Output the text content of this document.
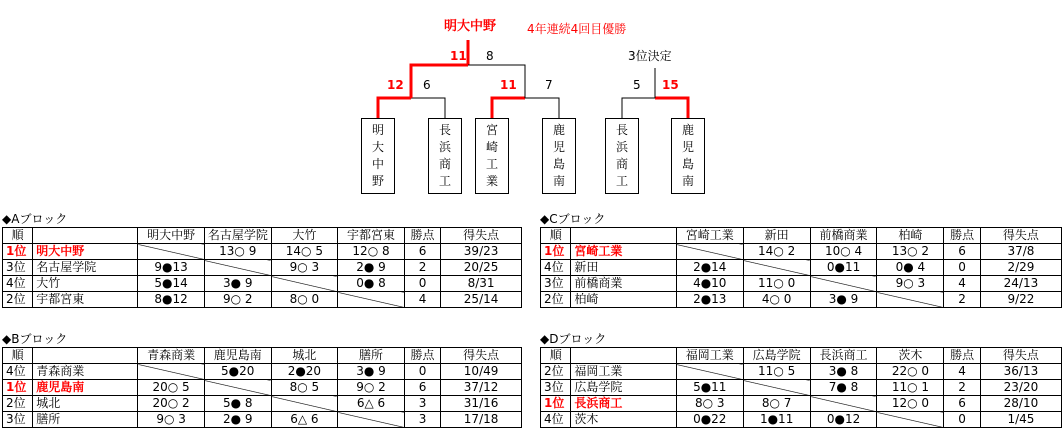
明大中野	4年連続4回目優勝
11 8
12 6	11 7
3位決定
5 15
明
大
中
野
長
浜
商
工
宮
崎
工
業
鹿
児
島
南
長
浜
商
工
鹿
児
島
南
◆Aブロック
順		明大中野	名古屋学院	大竹	宇都宮東	勝点	得失点
1位	明大中野		13○ 9	14○ 5	12○ 8	6	39/23
3位	名古屋学院	9●13		9○ 3	2● 9	2	20/25
4位	大竹	5●14	3● 9		0● 8	0	8/31
2位	宇都宮東	8●12	9○ 2	8○ 0		4	25/14
◆Cブロック
順		宮崎工業	新田	前橋商業	柏崎	勝点	得失点
1位	宮崎工業		14○ 2	10○ 4	13○ 2	6	37/8
4位	新田	2●14		0●11	0● 4	0	2/29
3位	前橋商業	4●10	11○ 0		9○ 3	4	24/13
2位	柏崎	2●13	4○ 0	3● 9		2	9/22
◆Bブロック
順		青森商業	鹿児島南	城北	膳所	勝点	得失点
4位	青森商業		5●20	2●20	3● 9	0	10/49
1位	鹿児島南	20○ 5		8○ 5	9○ 2	6	37/12
2位	城北	20○ 2	5● 8		6△ 6	3	31/16
3位	膳所	9○ 3	2● 9	6△ 6		3	17/18
◆Dブロック
順		福岡工業	広島学院	長浜商工	茨木	勝点	得失点
2位	福岡工業		11○ 5	3● 8	22○ 0	4	36/13
3位	広島学院	5●11		7● 8	11○ 1	2	23/20
1位	長浜商工	8○ 3	8○ 7		12○ 0	6	28/10
4位	茨木	0●22	1●11	0●12		0	1/45
